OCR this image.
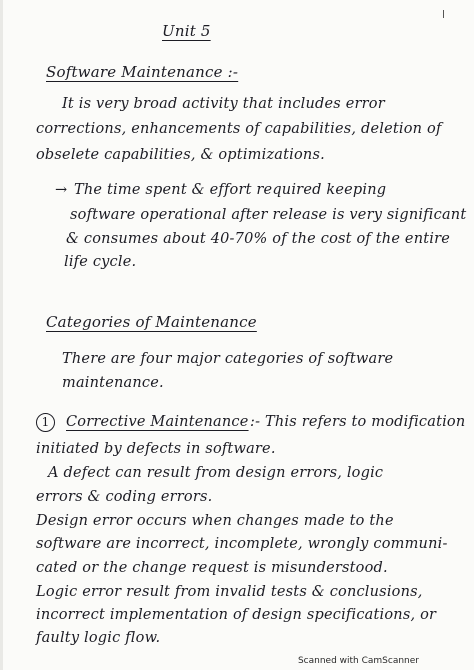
Unit 5
Software Maintenance :-
It is very broad activity that includes error
corrections, enhancements of capabilities, deletion of
obselete capabilities, & optimizations.
→ The time spent & effort required keeping
software operational after release is very significant
& consumes about 40-70% of the cost of the entire
life cycle.
Categories of Maintenance
There are four major categories of software
maintenance.
1	Corrective Maintenance :- This refers to modification
initiated by defects in software.
A defect can result from design errors, logic
errors & coding errors.
Design error occurs when changes made to the
software are incorrect, incomplete, wrongly communi-
cated or the change request is misunderstood.
Logic error result from invalid tests & conclusions,
incorrect implementation of design specifications, or
faulty logic flow.
Scanned with CamScanner
